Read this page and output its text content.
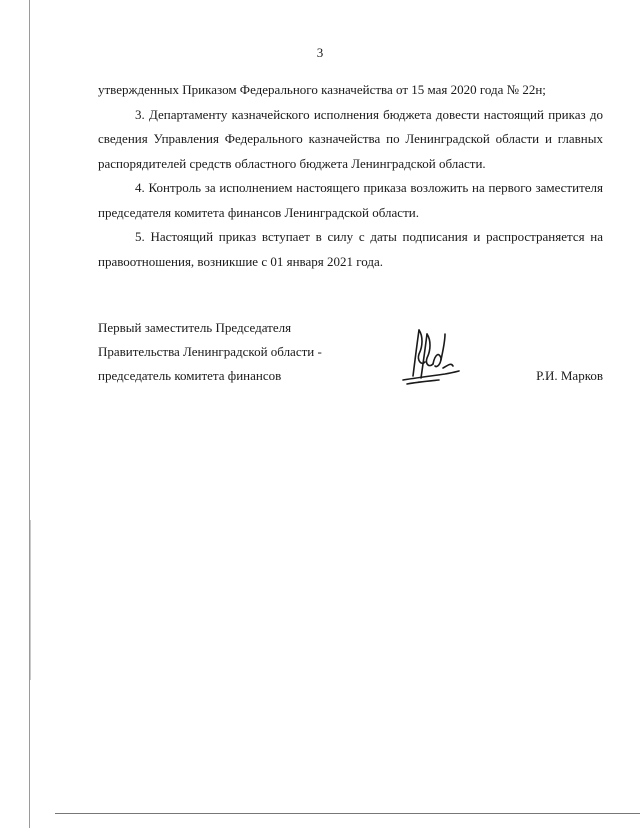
3

утвержденных Приказом Федерального казначейства от 15 мая 2020 года № 22н;

3. Департаменту казначейского исполнения бюджета довести настоящий приказ до сведения Управления Федерального казначейства по Ленинградской области и главных распорядителей средств областного бюджета Ленинградской области.

4. Контроль за исполнением настоящего приказа возложить на первого заместителя председателя комитета финансов Ленинградской области.

5. Настоящий приказ вступает в силу с даты подписания и распространяется на правоотношения, возникшие с 01 января 2021 года.

Первый заместитель Председателя
Правительства Ленинградской области -
председатель комитета финансов	Р.И. Марков
